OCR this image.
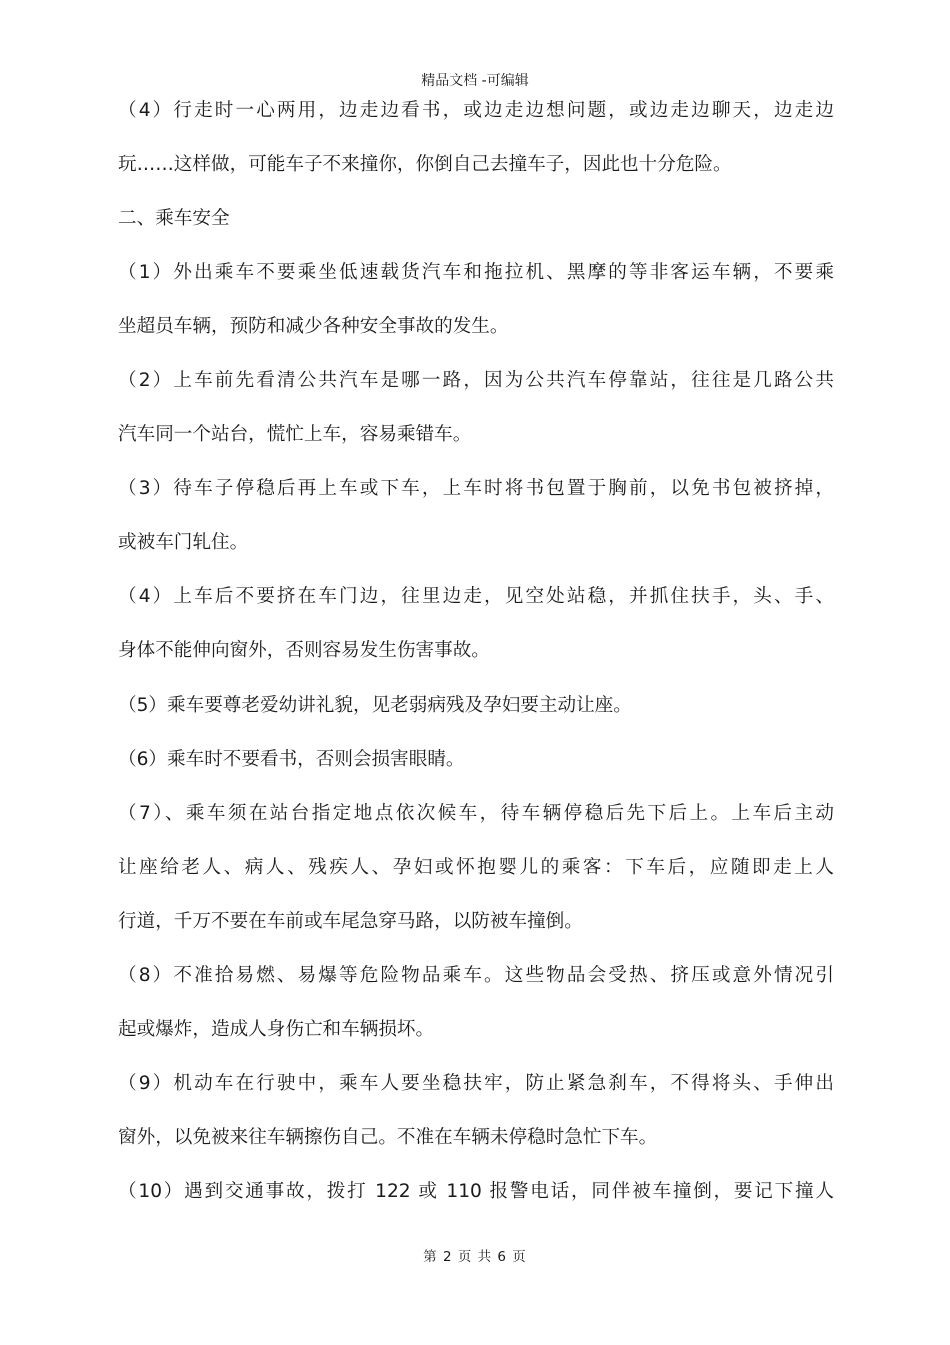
精品文档 -可编辑
（4）行走时一心两用，边走边看书，或边走边想问题，或边走边聊天，边走边
玩……这样做，可能车子不来撞你，你倒自己去撞车子，因此也十分危险。
二、乘车安全
（1）外出乘车不要乘坐低速载货汽车和拖拉机、黑摩的等非客运车辆，不要乘
坐超员车辆，预防和减少各种安全事故的发生。
（2）上车前先看清公共汽车是哪一路，因为公共汽车停靠站，往往是几路公共
汽车同一个站台，慌忙上车，容易乘错车。
（3）待车子停稳后再上车或下车，上车时将书包置于胸前，以免书包被挤掉，
或被车门轧住。
（4）上车后不要挤在车门边，往里边走，见空处站稳，并抓住扶手，头、手、
身体不能伸向窗外，否则容易发生伤害事故。
（5）乘车要尊老爱幼讲礼貌，见老弱病残及孕妇要主动让座。
（6）乘车时不要看书，否则会损害眼睛。
（7）、乘车须在站台指定地点依次候车，待车辆停稳后先下后上。上车后主动
让座给老人、病人、残疾人、孕妇或怀抱婴儿的乘客：下车后，应随即走上人
行道，千万不要在车前或车尾急穿马路，以防被车撞倒。
（8）不准拾易燃、易爆等危险物品乘车。这些物品会受热、挤压或意外情况引
起或爆炸，造成人身伤亡和车辆损坏。
（9）机动车在行驶中，乘车人要坐稳扶牢，防止紧急刹车，不得将头、手伸出
窗外，以免被来往车辆擦伤自己。不准在车辆未停稳时急忙下车。
（10）遇到交通事故，拨打 122 或 110 报警电话，同伴被车撞倒，要记下撞人
第 2 页 共 6 页
